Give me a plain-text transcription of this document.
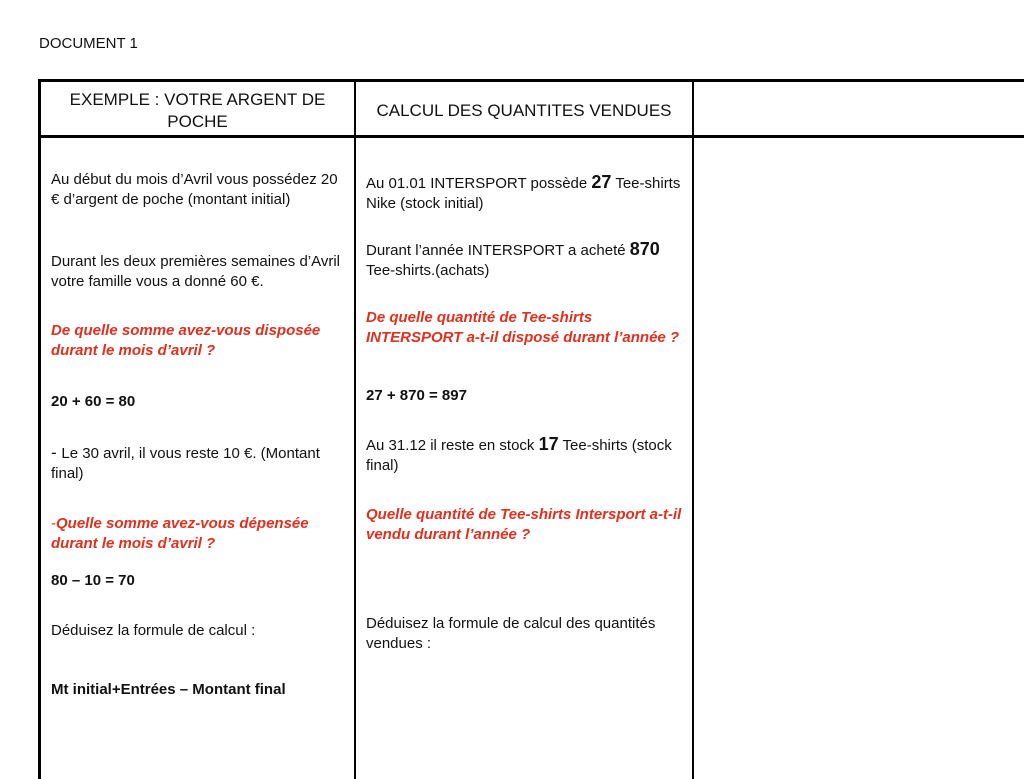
DOCUMENT 1
EXEMPLE : VOTRE ARGENT DE POCHE
CALCUL DES QUANTITES VENDUES

Au début du mois d’Avril vous possédez 20 € d’argent de poche (montant initial)

Durant les deux premières semaines d’Avril votre famille vous a donné 60 €.

De quelle somme avez-vous disposée durant le mois d’avril ?

20 + 60 = 80

- Le 30 avril, il vous reste 10 €. (Montant final)

-Quelle somme avez-vous dépensée durant le mois d’avril ?

80 – 10 = 70

Déduisez la formule de calcul :

Mt initial+Entrées – Montant final

Au 01.01 INTERSPORT possède 27 Tee-shirts Nike (stock initial)

Durant l’année INTERSPORT a acheté 870 Tee-shirts.(achats)

De quelle quantité de Tee-shirts INTERSPORT a-t-il disposé durant l’année ?

27 + 870 = 897

Au 31.12 il reste en stock 17 Tee-shirts (stock final)

Quelle quantité de Tee-shirts Intersport a-t-il vendu durant l’année ?

Déduisez la formule de calcul des quantités vendues :
